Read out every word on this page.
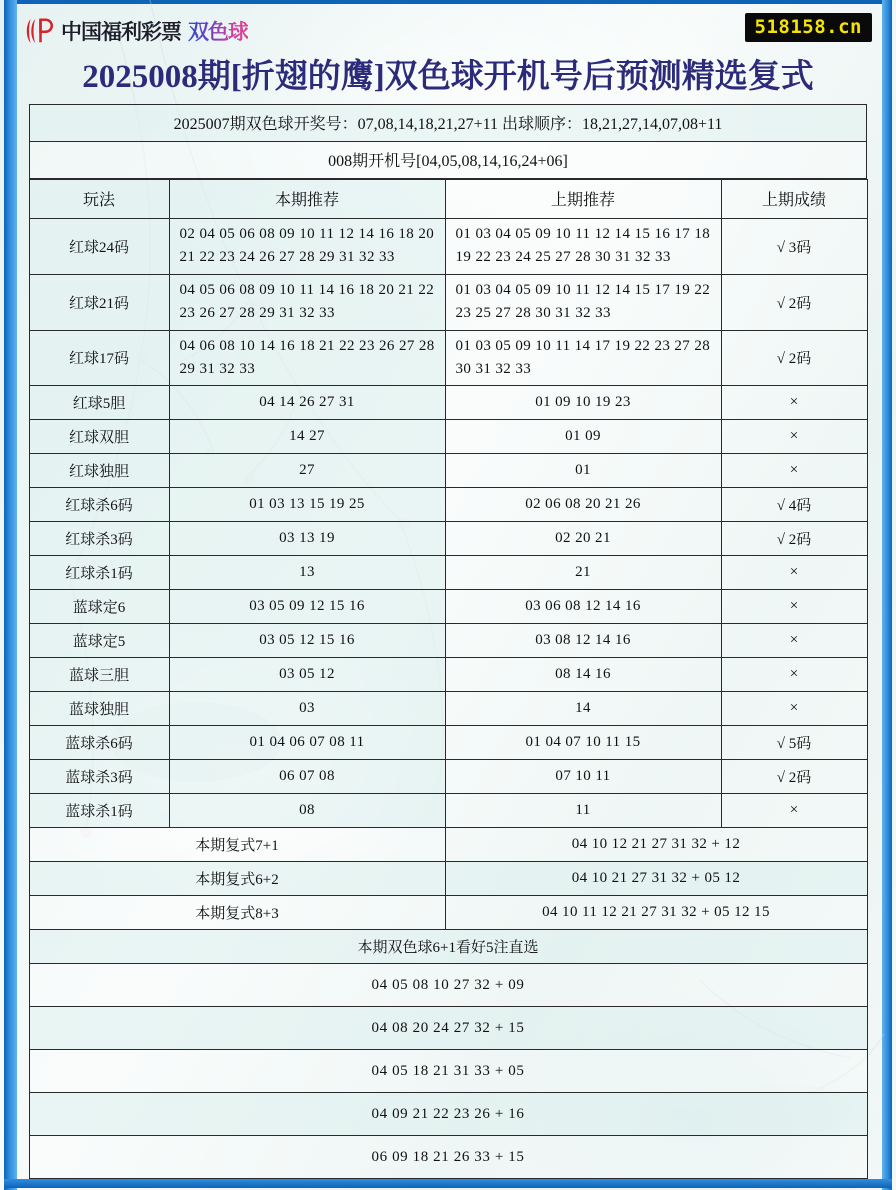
中国福利彩票 双色球	518158.cn
2025008期[折翅的鹰]双色球开机号后预测精选复式
2025007期双色球开奖号：07,08,14,18,21,27+11 出球顺序：18,21,27,14,07,08+11
008期开机号[04,05,08,14,16,24+06]
玩法	本期推荐	上期推荐	上期成绩
红球24码	02 04 05 06 08 09 10 11 12 14 16 18 20 21 22 23 24 26 27 28 29 31 32 33	01 03 04 05 09 10 11 12 14 15 16 17 18 19 22 23 24 25 27 28 30 31 32 33	√ 3码
红球21码	04 05 06 08 09 10 11 14 16 18 20 21 22 23 26 27 28 29 31 32 33	01 03 04 05 09 10 11 12 14 15 17 19 22 23 25 27 28 30 31 32 33	√ 2码
红球17码	04 06 08 10 14 16 18 21 22 23 26 27 28 29 31 32 33	01 03 05 09 10 11 14 17 19 22 23 27 28 30 31 32 33	√ 2码
红球5胆	04 14 26 27 31	01 09 10 19 23	×
红球双胆	14 27	01 09	×
红球独胆	27	01	×
红球杀6码	01 03 13 15 19 25	02 06 08 20 21 26	√ 4码
红球杀3码	03 13 19	02 20 21	√ 2码
红球杀1码	13	21	×
蓝球定6	03 05 09 12 15 16	03 06 08 12 14 16	×
蓝球定5	03 05 12 15 16	03 08 12 14 16	×
蓝球三胆	03 05 12	08 14 16	×
蓝球独胆	03	14	×
蓝球杀6码	01 04 06 07 08 11	01 04 07 10 11 15	√ 5码
蓝球杀3码	06 07 08	07 10 11	√ 2码
蓝球杀1码	08	11	×
本期复式7+1		04 10 12 21 27 31 32 + 12	
本期复式6+2		04 10 21 27 31 32 + 05 12	
本期复式8+3		04 10 11 12 21 27 31 32 + 05 12 15	
本期双色球6+1看好5注直选			
04 05 08 10 27 32 + 09			
04 08 20 24 27 32 + 15			
04 05 18 21 31 33 + 05			
04 09 21 22 23 26 + 16			
06 09 18 21 26 33 + 15			
